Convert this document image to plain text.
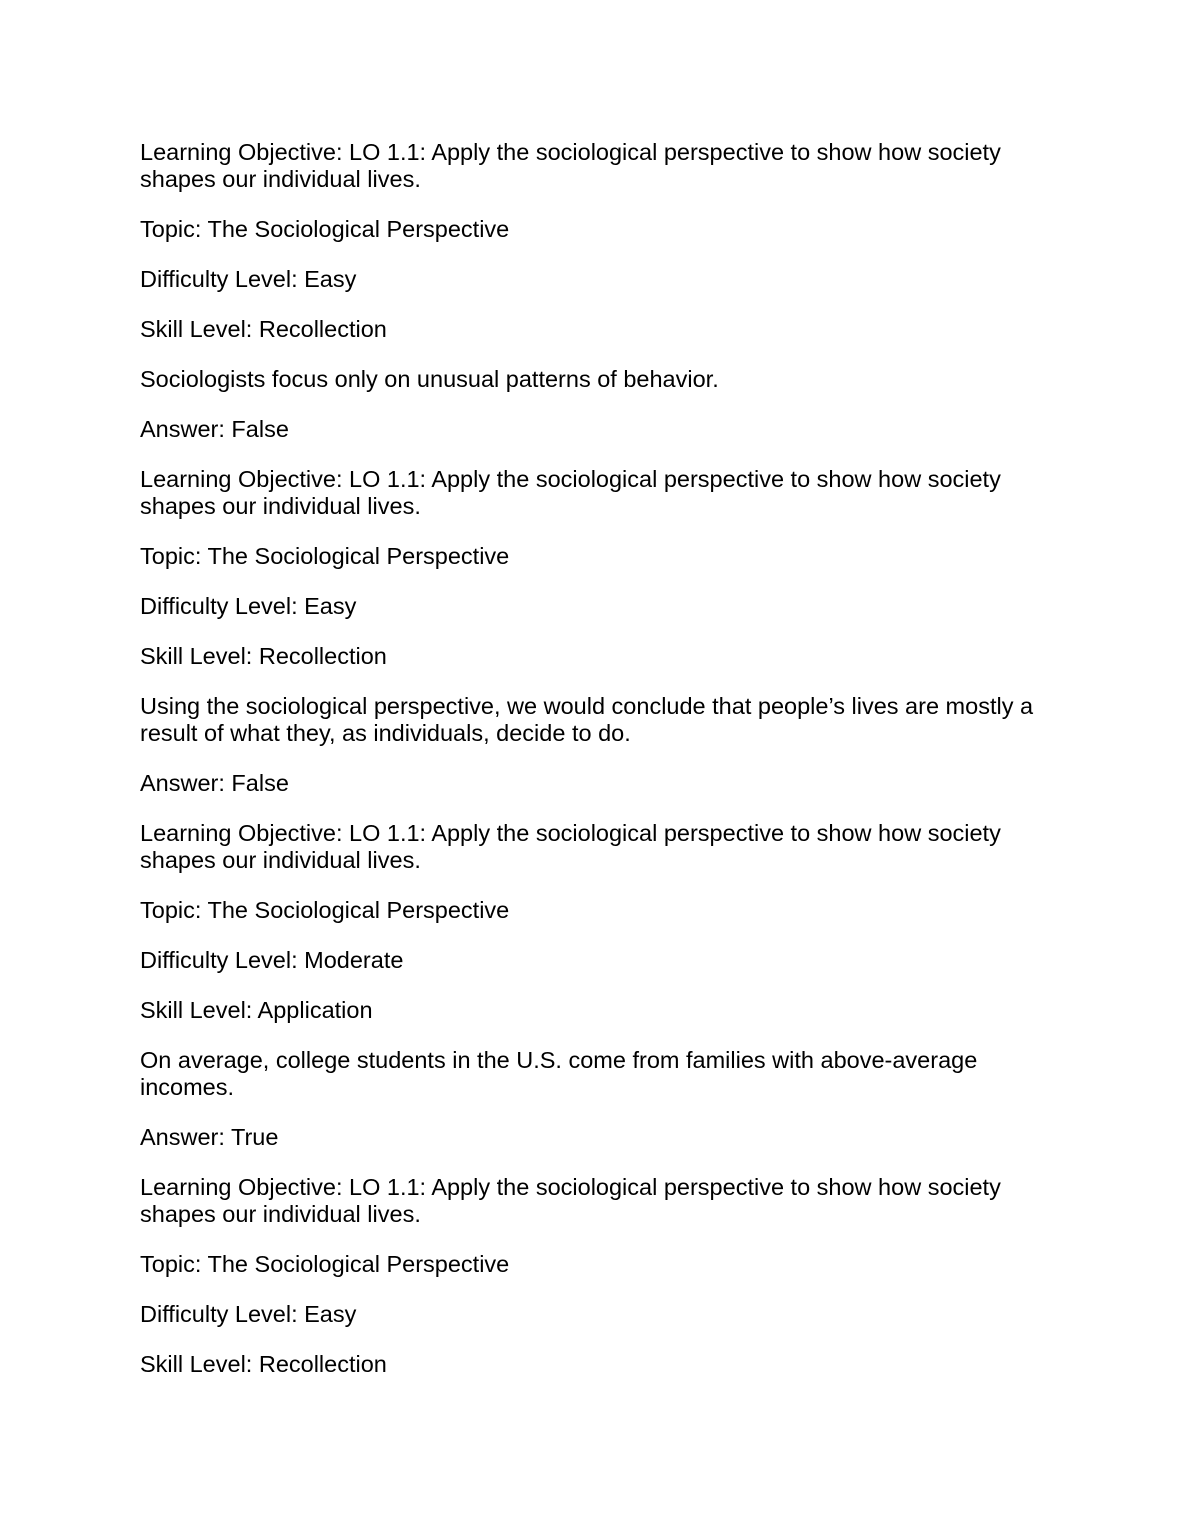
Learning Objective: LO 1.1: Apply the sociological perspective to show how society shapes our individual lives.

Topic: The Sociological Perspective

Difficulty Level: Easy

Skill Level: Recollection

Sociologists focus only on unusual patterns of behavior.

Answer: False

Learning Objective: LO 1.1: Apply the sociological perspective to show how society shapes our individual lives.

Topic: The Sociological Perspective

Difficulty Level: Easy

Skill Level: Recollection

Using the sociological perspective, we would conclude that people’s lives are mostly a result of what they, as individuals, decide to do.

Answer: False

Learning Objective: LO 1.1: Apply the sociological perspective to show how society shapes our individual lives.

Topic: The Sociological Perspective

Difficulty Level: Moderate

Skill Level: Application

On average, college students in the U.S. come from families with above-average incomes.

Answer: True

Learning Objective: LO 1.1: Apply the sociological perspective to show how society shapes our individual lives.

Topic: The Sociological Perspective

Difficulty Level: Easy

Skill Level: Recollection
